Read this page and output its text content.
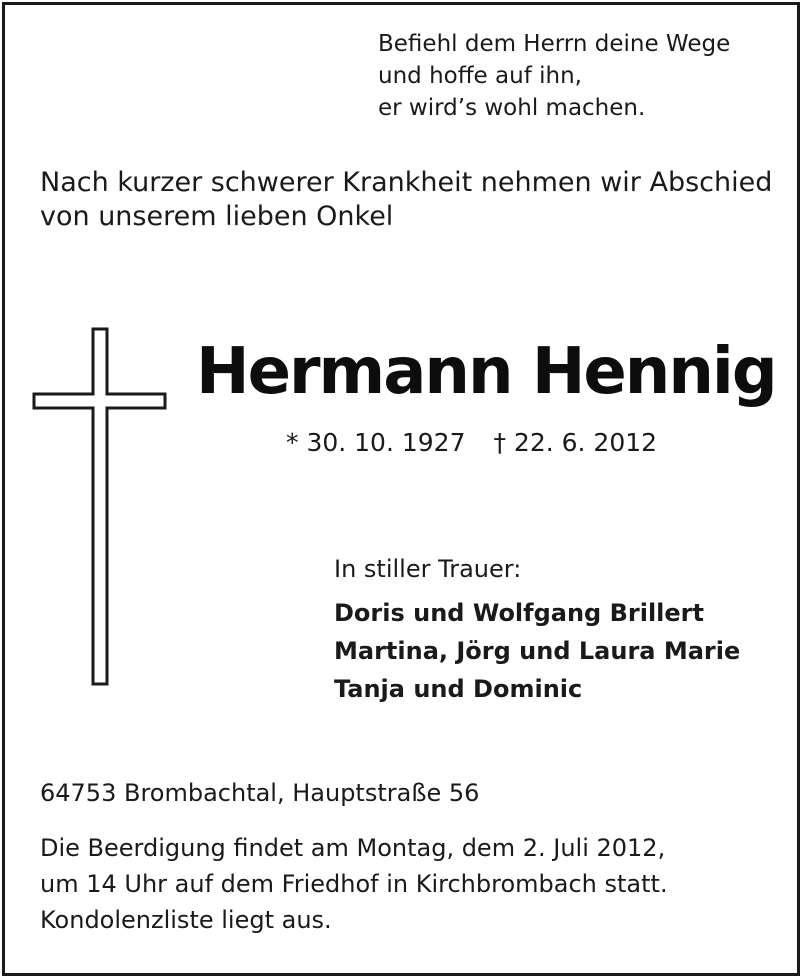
Befiehl dem Herrn deine Wege
und hoffe auf ihn,
er wird’s wohl machen.
Nach kurzer schwerer Krankheit nehmen wir Abschied
von unserem lieben Onkel
Hermann Hennig
* 30. 10. 1927 † 22. 6. 2012
In stiller Trauer:
Doris und Wolfgang Brillert
Martina, Jörg und Laura Marie
Tanja und Dominic
64753 Brombachtal, Hauptstraße 56
Die Beerdigung findet am Montag, dem 2. Juli 2012,
um 14 Uhr auf dem Friedhof in Kirchbrombach statt.
Kondolenzliste liegt aus.
